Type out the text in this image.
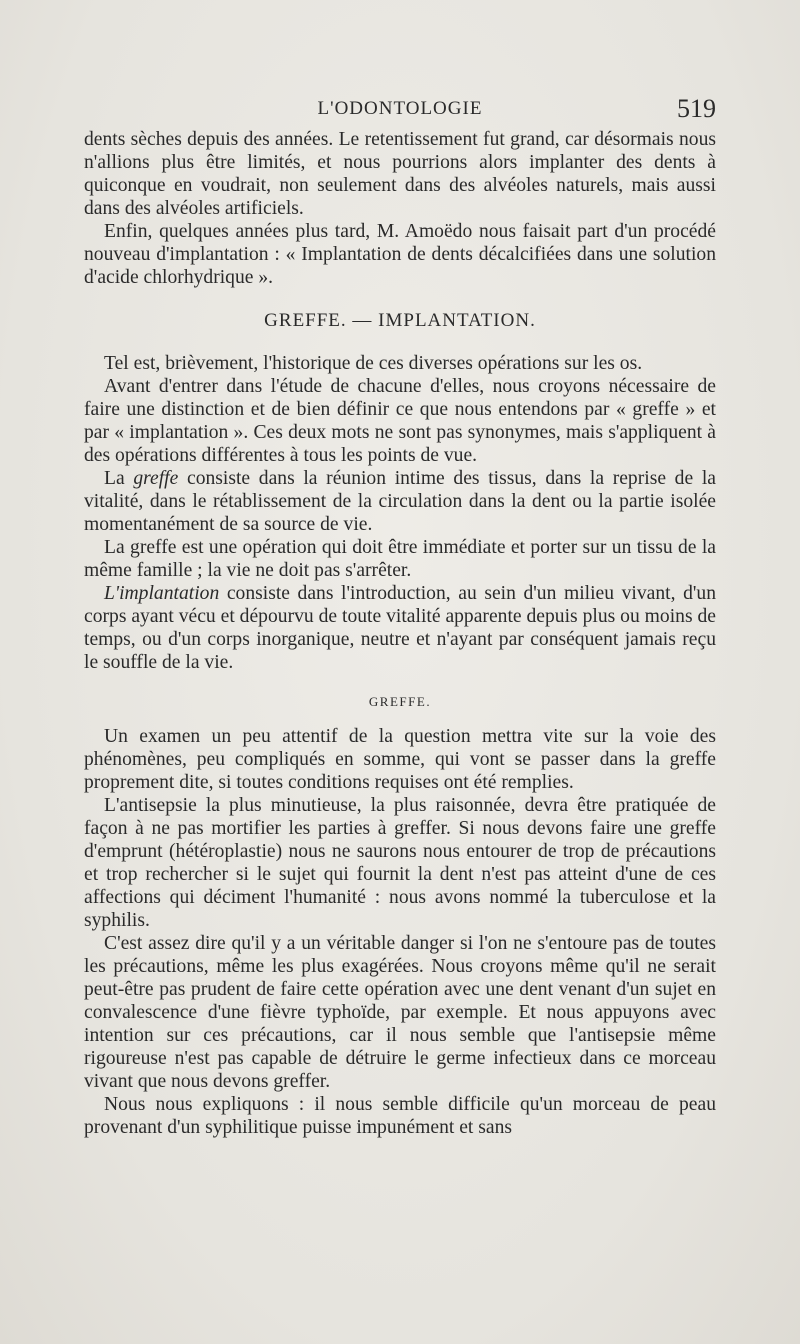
L'ODONTOLOGIE	519

dents sèches depuis des années. Le retentissement fut grand, car désormais nous n'allions plus être limités, et nous pourrions alors implanter des dents à quiconque en voudrait, non seulement dans des alvéoles naturels, mais aussi dans des alvéoles artificiels.

Enfin, quelques années plus tard, M. Amoëdo nous faisait part d'un procédé nouveau d'implantation : « Implantation de dents décalcifiées dans une solution d'acide chlorhydrique ».

GREFFE. — IMPLANTATION.

Tel est, brièvement, l'historique de ces diverses opérations sur les os.

Avant d'entrer dans l'étude de chacune d'elles, nous croyons nécessaire de faire une distinction et de bien définir ce que nous entendons par « greffe » et par « implantation ». Ces deux mots ne sont pas synonymes, mais s'appliquent à des opérations différentes à tous les points de vue.

La greffe consiste dans la réunion intime des tissus, dans la reprise de la vitalité, dans le rétablissement de la circulation dans la dent ou la partie isolée momentanément de sa source de vie.

La greffe est une opération qui doit être immédiate et porter sur un tissu de la même famille ; la vie ne doit pas s'arrêter.

L'implantation consiste dans l'introduction, au sein d'un milieu vivant, d'un corps ayant vécu et dépourvu de toute vitalité apparente depuis plus ou moins de temps, ou d'un corps inorganique, neutre et n'ayant par conséquent jamais reçu le souffle de la vie.

GREFFE.

Un examen un peu attentif de la question mettra vite sur la voie des phénomènes, peu compliqués en somme, qui vont se passer dans la greffe proprement dite, si toutes conditions requises ont été remplies.

L'antisepsie la plus minutieuse, la plus raisonnée, devra être pratiquée de façon à ne pas mortifier les parties à greffer. Si nous devons faire une greffe d'emprunt (hétéroplastie) nous ne saurons nous entourer de trop de précautions et trop rechercher si le sujet qui fournit la dent n'est pas atteint d'une de ces affections qui déciment l'humanité : nous avons nommé la tuberculose et la syphilis.

C'est assez dire qu'il y a un véritable danger si l'on ne s'entoure pas de toutes les précautions, même les plus exagérées. Nous croyons même qu'il ne serait peut-être pas prudent de faire cette opération avec une dent venant d'un sujet en convalescence d'une fièvre typhoïde, par exemple. Et nous appuyons avec intention sur ces précautions, car il nous semble que l'antisepsie même rigoureuse n'est pas capable de détruire le germe infectieux dans ce morceau vivant que nous devons greffer.

Nous nous expliquons : il nous semble difficile qu'un morceau de peau provenant d'un syphilitique puisse impunément et sans
